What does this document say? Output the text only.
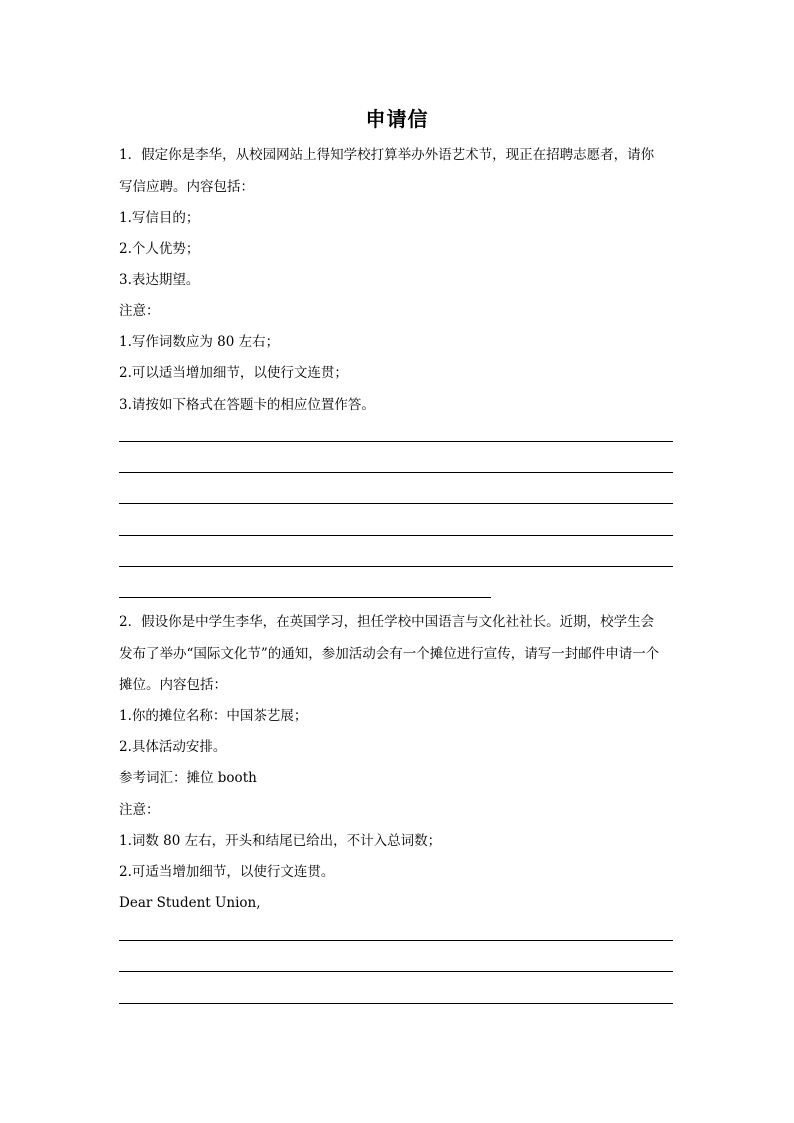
申请信
1．假定你是李华，从校园网站上得知学校打算举办外语艺术节，现正在招聘志愿者，请你
写信应聘。内容包括：
1.写信目的；
2.个人优势；
3.表达期望。
注意：
1.写作词数应为 80 左右；
2.可以适当增加细节，以使行文连贯；
3.请按如下格式在答题卡的相应位置作答。
2．假设你是中学生李华，在英国学习，担任学校中国语言与文化社社长。近期，校学生会
发布了举办“国际文化节”的通知，参加活动会有一个摊位进行宣传，请写一封邮件申请一个
摊位。内容包括：
1.你的摊位名称：中国茶艺展；
2.具体活动安排。
参考词汇：摊位 booth
注意：
1.词数 80 左右，开头和结尾已给出，不计入总词数；
2.可适当增加细节，以使行文连贯。
Dear Student Union,
